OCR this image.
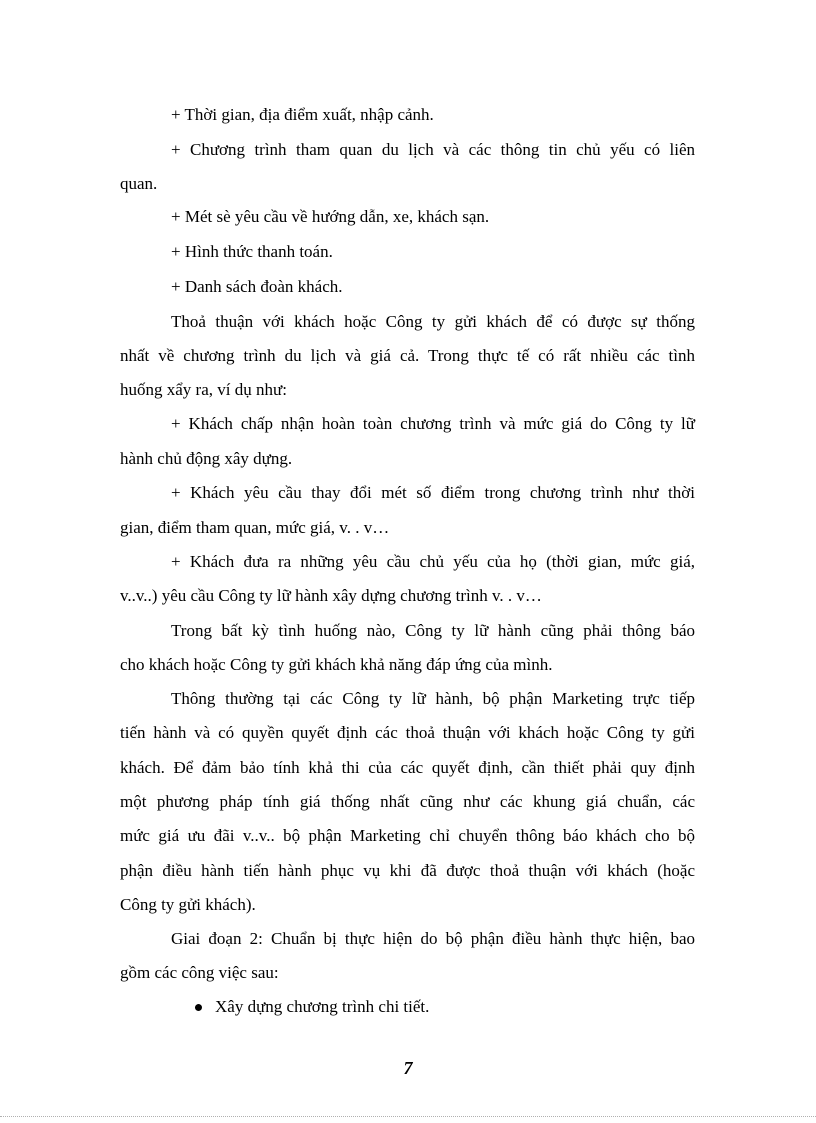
+ Thời gian, địa điểm xuất, nhập cảnh.
+ Chương trình tham quan du lịch và các thông tin chủ yếu có liên
quan.
+ Mét sè yêu cầu về hướng dẫn, xe, khách sạn.
+ Hình thức thanh toán.
+ Danh sách đoàn khách.
Thoả thuận với khách hoặc Công ty gửi khách để có được sự thống
nhất về chương trình du lịch và giá cả. Trong thực tế có rất nhiều các tình
huống xẩy ra, ví dụ như:
+ Khách chấp nhận hoàn toàn chương trình và mức giá do Công ty lữ
hành chủ động xây dựng.
+ Khách yêu cầu thay đổi mét số điểm trong chương trình như thời
gian, điểm tham quan, mức giá, v. . v…
+ Khách đưa ra những yêu cầu chủ yếu của họ (thời gian, mức giá,
v..v..) yêu cầu Công ty lữ hành xây dựng chương trình v. . v…
Trong bất kỳ tình huống nào, Công ty lữ hành cũng phải thông báo
cho khách hoặc Công ty gửi khách khả năng đáp ứng của mình.
Thông thường tại các Công ty lữ hành, bộ phận Marketing trực tiếp
tiến hành và có quyền quyết định các thoả thuận với khách hoặc Công ty gửi
khách. Để đảm bảo tính khả thi của các quyết định, cần thiết phải quy định
một phương pháp tính giá thống nhất cũng như các khung giá chuẩn, các
mức giá ưu đãi v..v.. bộ phận Marketing chỉ chuyển thông báo khách cho bộ
phận điều hành tiến hành phục vụ khi đã được thoả thuận với khách (hoặc
Công ty gửi khách).
Giai đoạn 2: Chuẩn bị thực hiện do bộ phận điều hành thực hiện, bao
gồm các công việc sau:
Xây dựng chương trình chi tiết.
7
